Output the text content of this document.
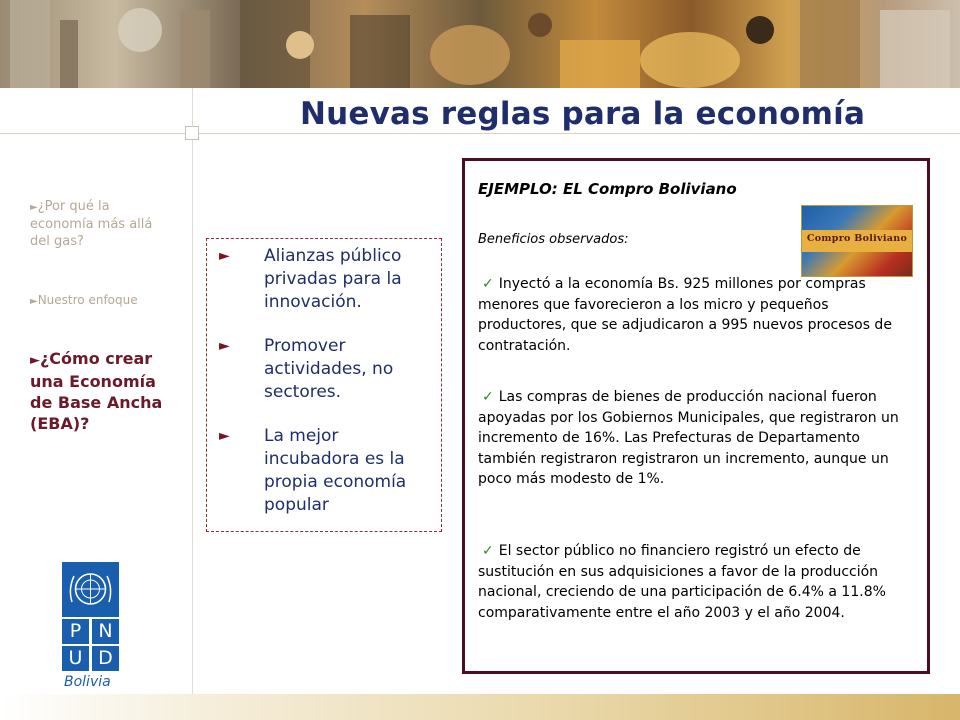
Nuevas reglas para la economía
►¿Por qué la economía más allá del gas?
►Nuestro enfoque
►¿Cómo crear una Economía de Base Ancha (EBA)?
► Alianzas público privadas para la innovación.
► Promover actividades, no sectores.
► La mejor incubadora es la propia economía popular
EJEMPLO: EL Compro Boliviano
Beneficios observados:	Compro Boliviano
✓ Inyectó a la economía Bs. 925 millones por compras menores que favorecieron a los micro y pequeños productores, que se adjudicaron a 995 nuevos procesos de contratación.
✓ Las compras de bienes de producción nacional fueron apoyadas por los Gobiernos Municipales, que registraron un incremento de 16%. Las Prefecturas de Departamento también registraron registraron un incremento, aunque un poco más modesto de 1%.
✓ El sector público no financiero registró un efecto de sustitución en sus adquisiciones a favor de la producción nacional, creciendo de una participación de 6.4% a 11.8% comparativamente entre el año 2003 y el año 2004.
P N
U D
Bolivia
